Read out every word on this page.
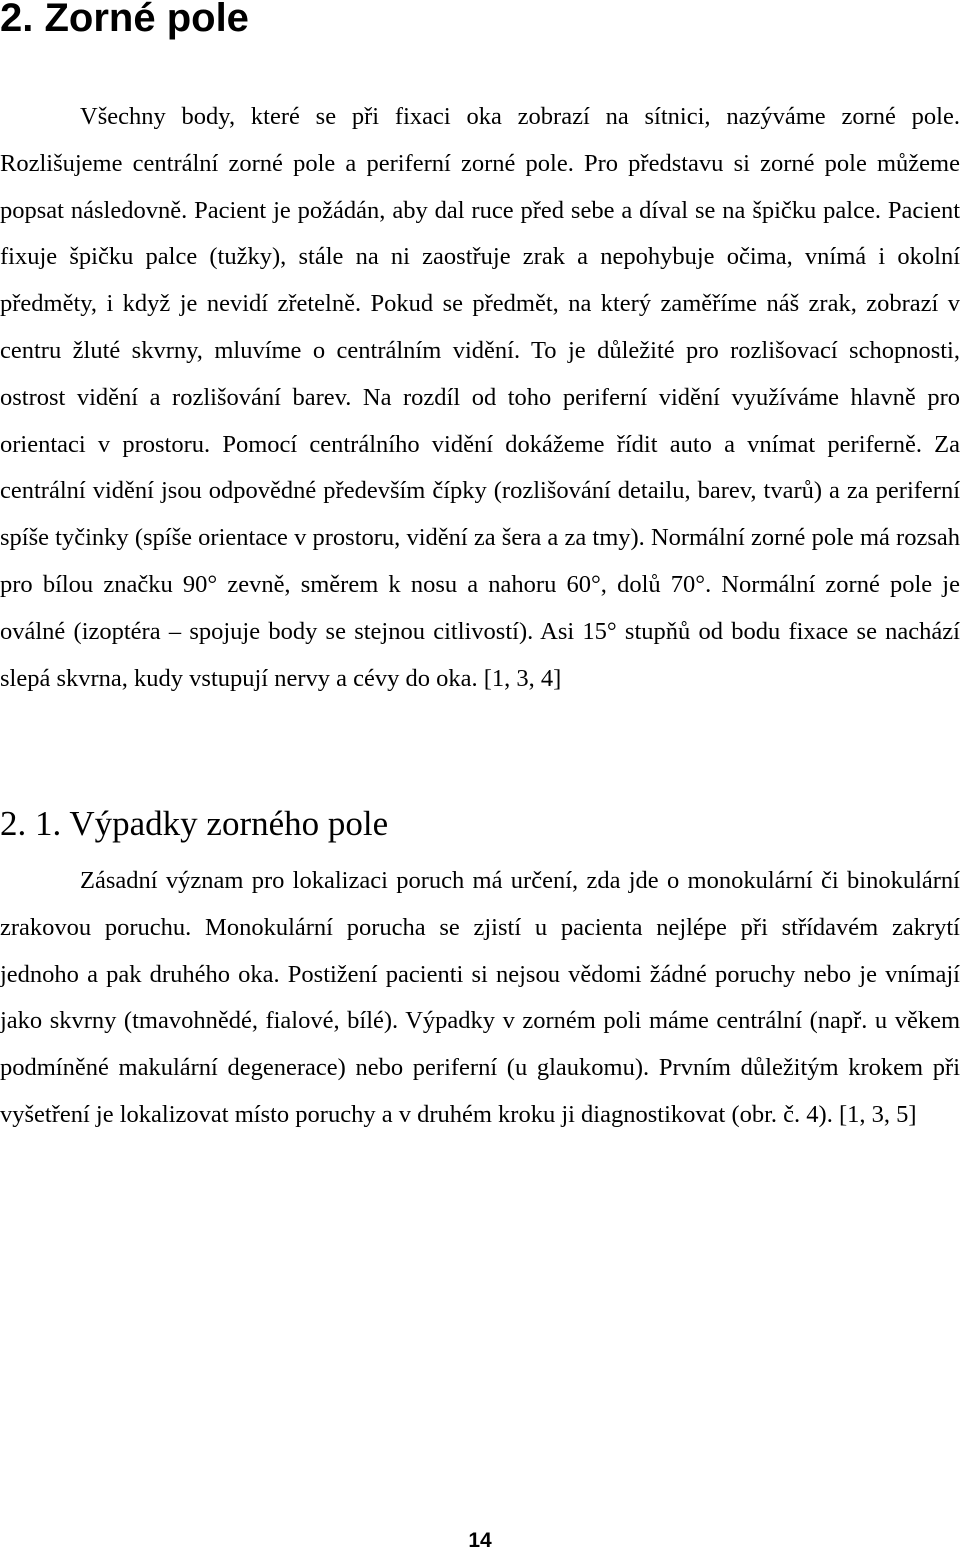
2. Zorné pole

Všechny body, které se při fixaci oka zobrazí na sítnici, nazýváme zorné pole. Rozlišujeme centrální zorné pole a periferní zorné pole. Pro představu si zorné pole můžeme popsat následovně. Pacient je požádán, aby dal ruce před sebe a díval se na špičku palce. Pacient fixuje špičku palce (tužky), stále na ni zaostřuje zrak a nepohybuje očima, vnímá i okolní předměty, i když je nevidí zřetelně. Pokud se předmět, na který zaměříme náš zrak, zobrazí v centru žluté skvrny, mluvíme o centrálním vidění. To je důležité pro rozlišovací schopnosti, ostrost vidění a rozlišování barev. Na rozdíl od toho periferní vidění využíváme hlavně pro orientaci v prostoru. Pomocí centrálního vidění dokážeme řídit auto a vnímat periferně. Za centrální vidění jsou odpovědné především čípky (rozlišování detailu, barev, tvarů) a za periferní spíše tyčinky (spíše orientace v prostoru, vidění za šera a za tmy). Normální zorné pole má rozsah pro bílou značku 90° zevně, směrem k nosu a nahoru 60°, dolů 70°. Normální zorné pole je oválné (izoptéra – spojuje body se stejnou citlivostí). Asi 15° stupňů od bodu fixace se nachází slepá skvrna, kudy vstupují nervy a cévy do oka. [1, 3, 4]

2. 1. Výpadky zorného pole

Zásadní význam pro lokalizaci poruch má určení, zda jde o monokulární či binokulární zrakovou poruchu. Monokulární porucha se zjistí u pacienta nejlépe při střídavém zakrytí jednoho a pak druhého oka. Postižení pacienti si nejsou vědomi žádné poruchy nebo je vnímají jako skvrny (tmavohnědé, fialové, bílé). Výpadky v zorném poli máme centrální (např. u věkem podmíněné makulární degenerace) nebo periferní (u glaukomu). Prvním důležitým krokem při vyšetření je lokalizovat místo poruchy a v druhém kroku ji diagnostikovat (obr. č. 4). [1, 3, 5]

14
